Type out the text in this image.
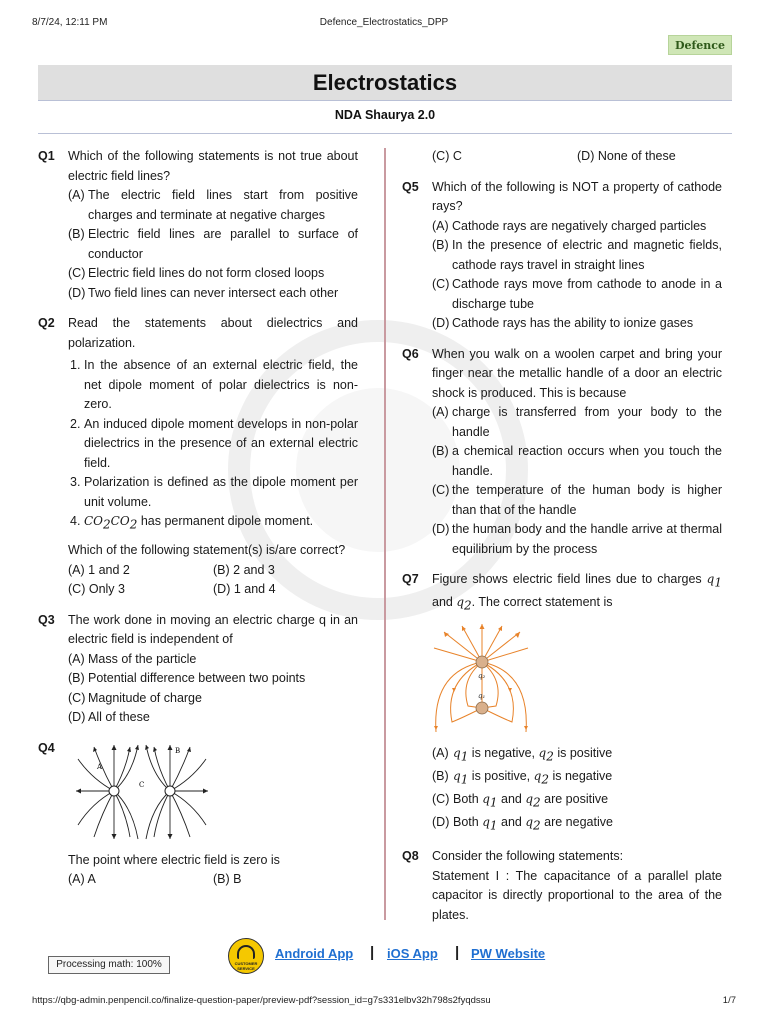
8/7/24, 12:11 PM	Defence_Electrostatics_DPP
Defence
Electrostatics
NDA Shaurya 2.0
Q1 Which of the following statements is not true about electric field lines?
(A) The electric field lines start from positive charges and terminate at negative charges
(B) Electric field lines are parallel to surface of conductor
(C) Electric field lines do not form closed loops
(D) Two field lines can never intersect each other
Q2 Read the statements about dielectrics and polarization.
1. In the absence of an external electric field, the net dipole moment of polar dielectrics is non-zero.
2. An induced dipole moment develops in non-polar dielectrics in the presence of an external electric field.
3. Polarization is defined as the dipole moment per unit volume.
4. $CO_2CO_2$ has permanent dipole moment.
Which of the following statement(s) is/are correct?
(A) 1 and 2	(B) 2 and 3
(C) Only 3	(D) 1 and 4
Q3 The work done in moving an electric charge q in an electric field is independent of
(A) Mass of the particle
(B) Potential difference between two points
(C) Magnitude of charge
(D) All of these
Q4
A
B
C
The point where electric field is zero is
(A) A	(B) B
(C) C	(D) None of these
Q5 Which of the following is NOT a property of cathode rays?
(A) Cathode rays are negatively charged particles
(B) In the presence of electric and magnetic fields, cathode rays travel in straight lines
(C) Cathode rays move from cathode to anode in a discharge tube
(D) Cathode rays has the ability to ionize gases
Q6 When you walk on a woolen carpet and bring your finger near the metallic handle of a door an electric shock is produced. This is because
(A) charge is transferred from your body to the handle
(B) a chemical reaction occurs when you touch the handle.
(C) the temperature of the human body is higher than that of the handle
(D) the human body and the handle arrive at thermal equilibrium by the process
Q7 Figure shows electric field lines due to charges $q_1$ and $q_2$. The correct statement is
q₂
q₁
(A) $q_1$ is negative, $q_2$ is positive
(B) $q_1$ is positive, $q_2$ is negative
(C) Both $q_1$ and $q_2$ are positive
(D) Both $q_1$ and $q_2$ are negative
Q8 Consider the following statements:
Statement I : The capacitance of a parallel plate capacitor is directly proportional to the area of the plates.
CUSTOMER SERVICE
Android App | iOS App | PW Website
Processing math: 100%
https://qbg-admin.penpencil.co/finalize-question-paper/preview-pdf?session_id=g7s331elbv32h798s2fyqdssu	1/7
